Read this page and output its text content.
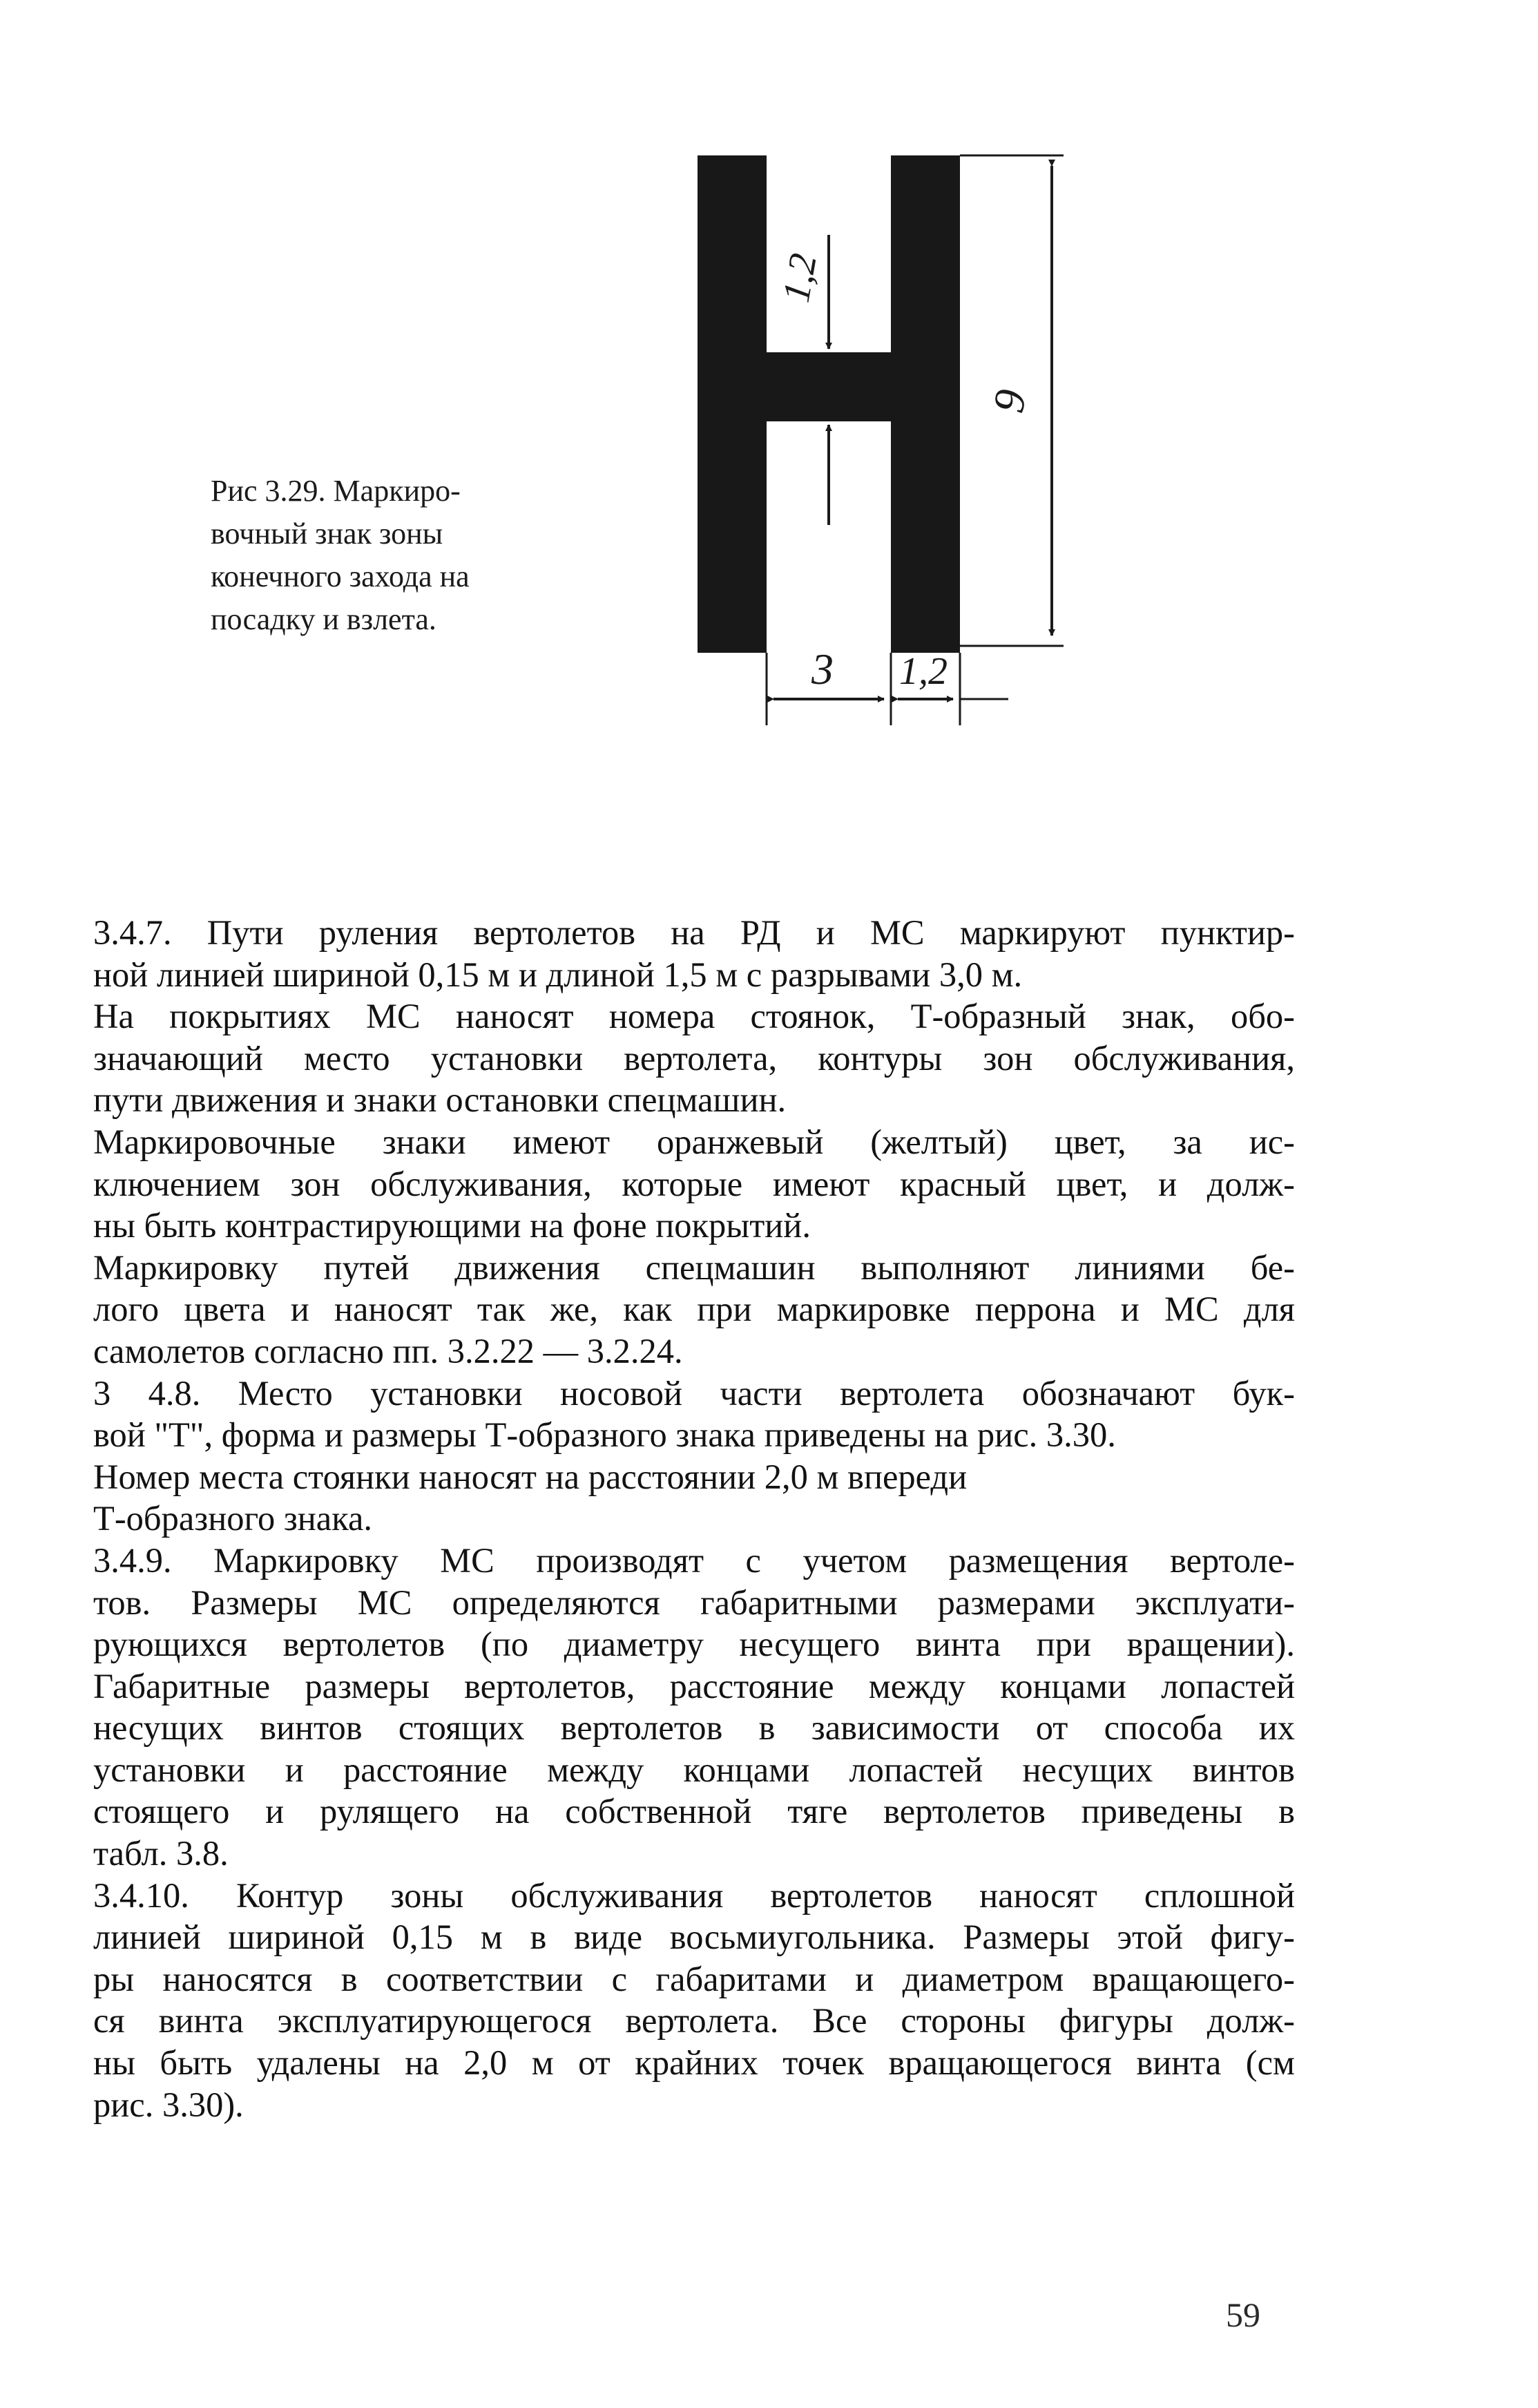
Рис 3.29. Маркиро-
вочный знак зоны
конечного захода на
посадку и взлета.
9
1,2
3 1,2
3.4.7. Пути руления вертолетов на РД и МС маркируют пунктир-
ной линией шириной 0,15 м и длиной 1,5 м с разрывами 3,0 м.
На покрытиях МС наносят номера стоянок, Т-образный знак, обо-
значающий место установки вертолета, контуры зон обслуживания,
пути движения и знаки остановки спецмашин.
Маркировочные знаки имеют оранжевый (желтый) цвет, за ис-
ключением зон обслуживания, которые имеют красный цвет, и долж-
ны быть контрастирующими на фоне покрытий.
Маркировку путей движения спецмашин выполняют линиями бе-
лого цвета и наносят так же, как при маркировке перрона и МС для
самолетов согласно пп. 3.2.22 — 3.2.24.
3 4.8. Место установки носовой части вертолета обозначают бук-
вой "Т", форма и размеры Т-образного знака приведены на рис. 3.30.
Номер места стоянки наносят на расстоянии 2,0 м впереди
Т-образного знака.
3.4.9. Маркировку МС производят с учетом размещения вертоле-
тов. Размеры МС определяются габаритными размерами эксплуати-
рующихся вертолетов (по диаметру несущего винта при вращении).
Габаритные размеры вертолетов, расстояние между концами лопастей
несущих винтов стоящих вертолетов в зависимости от способа их
установки и расстояние между концами лопастей несущих винтов
стоящего и рулящего на собственной тяге вертолетов приведены в
табл. 3.8.
3.4.10. Контур зоны обслуживания вертолетов наносят сплошной
линией шириной 0,15 м в виде восьмиугольника. Размеры этой фигу-
ры наносятся в соответствии с габаритами и диаметром вращающего-
ся винта эксплуатирующегося вертолета. Все стороны фигуры долж-
ны быть удалены на 2,0 м от крайних точек вращающегося винта (см
рис. 3.30).
59
